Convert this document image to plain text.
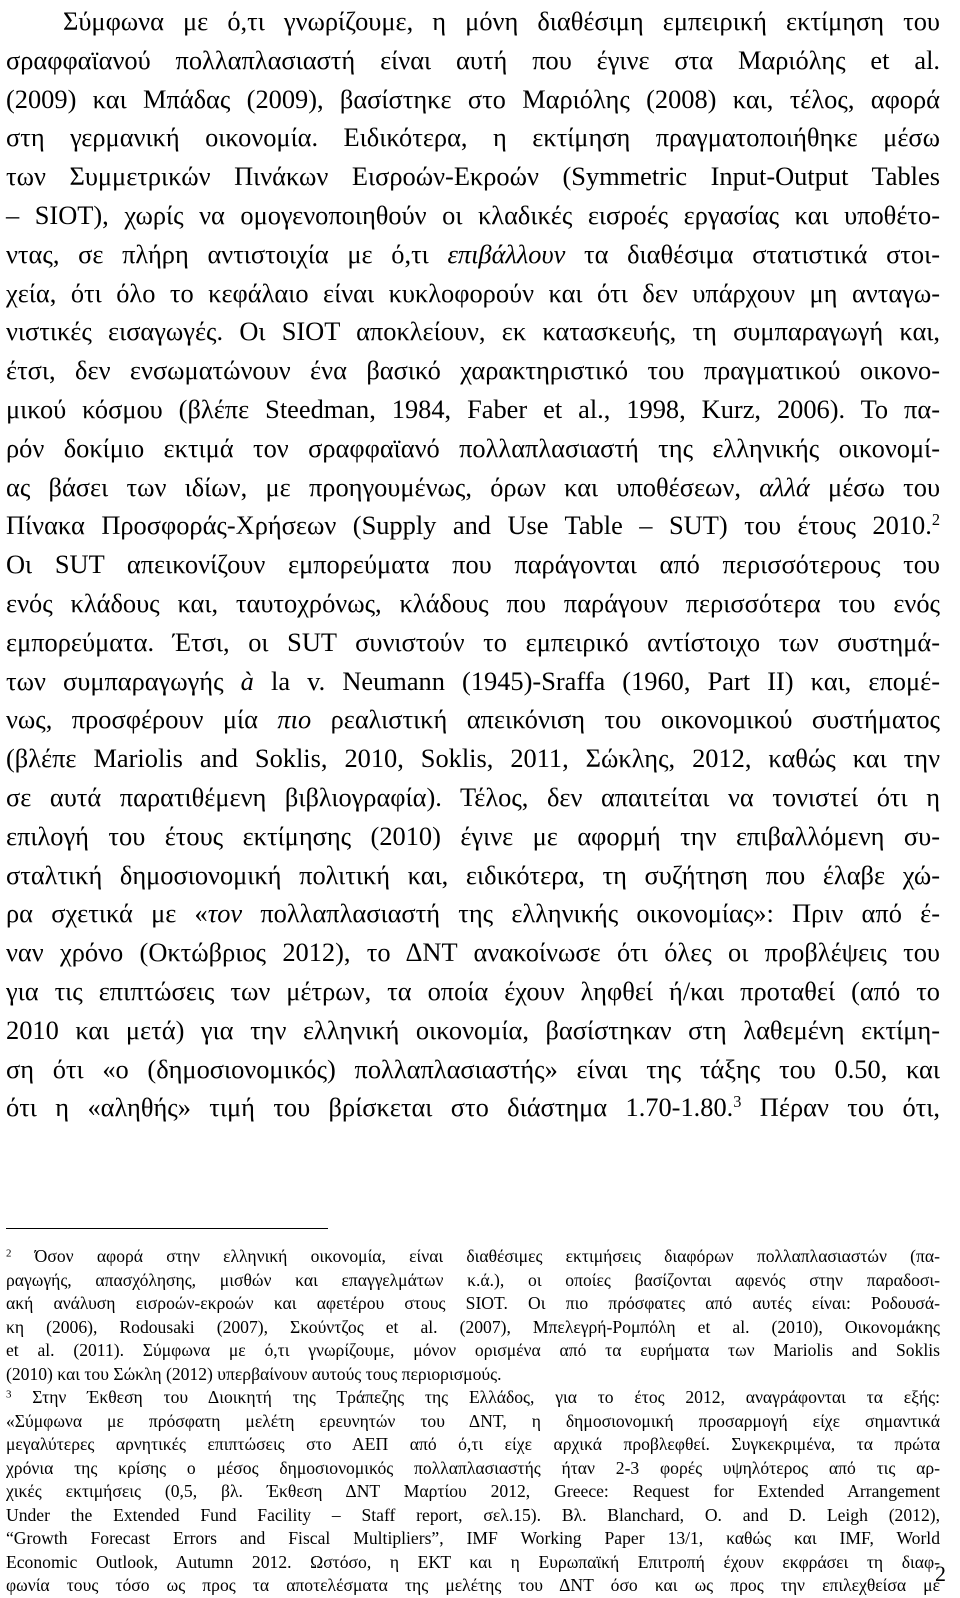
Σύμφωνα με ό,τι γνωρίζουμε, η μόνη διαθέσιμη εμπειρική εκτίμηση του
σραφφαϊανού πολλαπλασιαστή είναι αυτή που έγινε στα Μαριόλης et al.
(2009) και Μπάδας (2009), βασίστηκε στο Μαριόλης (2008) και, τέλος, αφορά
στη γερμανική οικονομία. Ειδικότερα, η εκτίμηση πραγματοποιήθηκε μέσω
των Συμμετρικών Πινάκων Εισροών-Εκροών (Symmetric Input-Output Tables
– SIOT), χωρίς να ομογενοποιηθούν οι κλαδικές εισροές εργασίας και υποθέτο-
ντας, σε πλήρη αντιστοιχία με ό,τι επιβάλλουν τα διαθέσιμα στατιστικά στοι-
χεία, ότι όλο το κεφάλαιο είναι κυκλοφορούν και ότι δεν υπάρχουν μη ανταγω-
νιστικές εισαγωγές. Οι SIOT αποκλείουν, εκ κατασκευής, τη συμπαραγωγή και,
έτσι, δεν ενσωματώνουν ένα βασικό χαρακτηριστικό του πραγματικού οικονο-
μικού κόσμου (βλέπε Steedman, 1984, Faber et al., 1998, Kurz, 2006). Το πα-
ρόν δοκίμιο εκτιμά τον σραφφαϊανό πολλαπλασιαστή της ελληνικής οικονομί-
ας βάσει των ιδίων, με προηγουμένως, όρων και υποθέσεων, αλλά μέσω του
Πίνακα Προσφοράς-Χρήσεων (Supply and Use Table – SUT) του έτους 2010.$^2$
Οι SUT απεικονίζουν εμπορεύματα που παράγονται από περισσότερους του
ενός κλάδους και, ταυτοχρόνως, κλάδους που παράγουν περισσότερα του ενός
εμπορεύματα. Έτσι, οι SUT συνιστούν το εμπειρικό αντίστοιχο των συστημά-
των συμπαραγωγής à la v. Neumann (1945)-Sraffa (1960, Part II) και, επομέ-
νως, προσφέρουν μία πιο ρεαλιστική απεικόνιση του οικονομικού συστήματος
(βλέπε Mariolis and Soklis, 2010, Soklis, 2011, Σώκλης, 2012, καθώς και την
σε αυτά παρατιθέμενη βιβλιογραφία). Τέλος, δεν απαιτείται να τονιστεί ότι η
επιλογή του έτους εκτίμησης (2010) έγινε με αφορμή την επιβαλλόμενη συ-
σταλτική δημοσιονομική πολιτική και, ειδικότερα, τη συζήτηση που έλαβε χώ-
ρα σχετικά με «τον πολλαπλασιαστή της ελληνικής οικονομίας»: Πριν από έ-
ναν χρόνο (Οκτώβριος 2012), το ΔΝΤ ανακοίνωσε ότι όλες οι προβλέψεις του
για τις επιπτώσεις των μέτρων, τα οποία έχουν ληφθεί ή/και προταθεί (από το
2010 και μετά) για την ελληνική οικονομία, βασίστηκαν στη λαθεμένη εκτίμη-
ση ότι «ο (δημοσιονομικός) πολλαπλασιαστής» είναι της τάξης του 0.50, και
ότι η «αληθής» τιμή του βρίσκεται στο διάστημα 1.70-1.80.$^3$ Πέραν του ότι,
$^2$ Όσον αφορά στην ελληνική οικονομία, είναι διαθέσιμες εκτιμήσεις διαφόρων πολλαπλασιαστών (πα-
ραγωγής, απασχόλησης, μισθών και επαγγελμάτων κ.ά.), οι οποίες βασίζονται αφενός στην παραδοσι-
ακή ανάλυση εισροών-εκροών και αφετέρου στους SIOT. Οι πιο πρόσφατες από αυτές είναι: Ροδουσά-
κη (2006), Rodousaki (2007), Σκούντζος et al. (2007), Μπελεγρή-Ρομπόλη et al. (2010), Οικονομάκης
et al. (2011). Σύμφωνα με ό,τι γνωρίζουμε, μόνον ορισμένα από τα ευρήματα των Mariolis and Soklis
(2010) και του Σώκλη (2012) υπερβαίνουν αυτούς τους περιορισμούς.
$^3$ Στην Έκθεση του Διοικητή της Τράπεζης της Ελλάδος, για το έτος 2012, αναγράφονται τα εξής:
«Σύμφωνα με πρόσφατη μελέτη ερευνητών του ΔΝΤ, η δημοσιονομική προσαρμογή είχε σημαντικά
μεγαλύτερες αρνητικές επιπτώσεις στο ΑΕΠ από ό,τι είχε αρχικά προβλεφθεί. Συγκεκριμένα, τα πρώτα
χρόνια της κρίσης ο μέσος δημοσιονομικός πολλαπλασιαστής ήταν 2-3 φορές υψηλότερος από τις αρ-
χικές εκτιμήσεις (0,5, βλ. Έκθεση ΔΝΤ Μαρτίου 2012, Greece: Request for Extended Arrangement
Under the Extended Fund Facility – Staff report, σελ.15). Βλ. Blanchard, O. and D. Leigh (2012),
“Growth Forecast Errors and Fiscal Multipliers”, IMF Working Paper 13/1, καθώς και IMF, World
Economic Outlook, Autumn 2012. Ωστόσο, η ΕΚΤ και η Ευρωπαϊκή Επιτροπή έχουν εκφράσει τη διαφ-
φωνία τους τόσο ως προς τα αποτελέσματα της μελέτης του ΔΝΤ όσο και ως προς την επιλεχθείσα με
2
